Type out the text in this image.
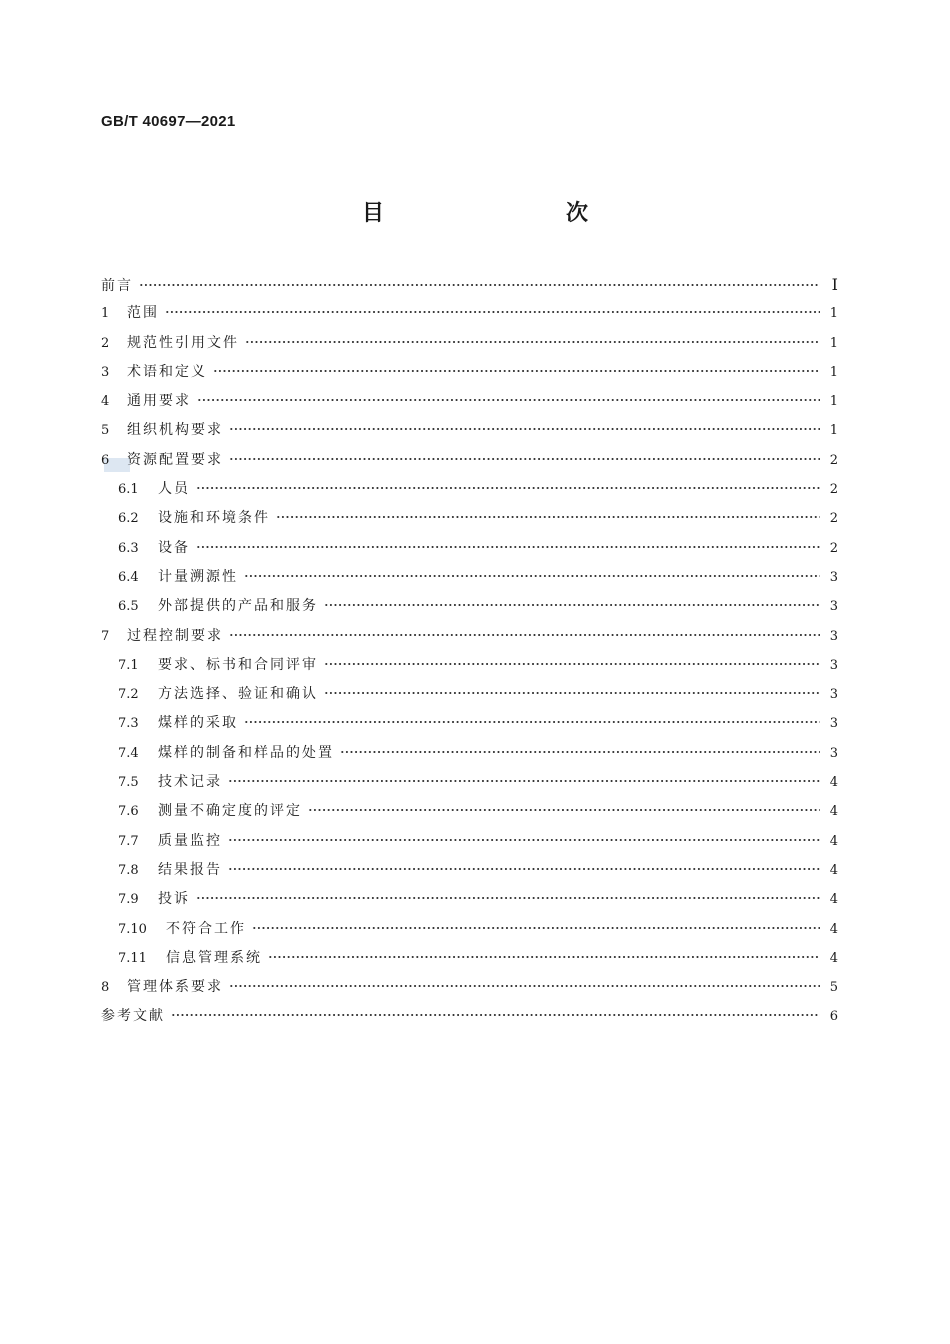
GB/T 40697—2021
目　　次
前言	Ⅰ
1	范围	1
2	规范性引用文件	1
3	术语和定义	1
4	通用要求	1
5	组织机构要求	1
6	资源配置要求	2
6.1	人员	2
6.2	设施和环境条件	2
6.3	设备	2
6.4	计量溯源性	3
6.5	外部提供的产品和服务	3
7	过程控制要求	3
7.1	要求、标书和合同评审	3
7.2	方法选择、验证和确认	3
7.3	煤样的采取	3
7.4	煤样的制备和样品的处置	3
7.5	技术记录	4
7.6	测量不确定度的评定	4
7.7	质量监控	4
7.8	结果报告	4
7.9	投诉	4
7.10	不符合工作	4
7.11	信息管理系统	4
8	管理体系要求	5
参考文献	6
